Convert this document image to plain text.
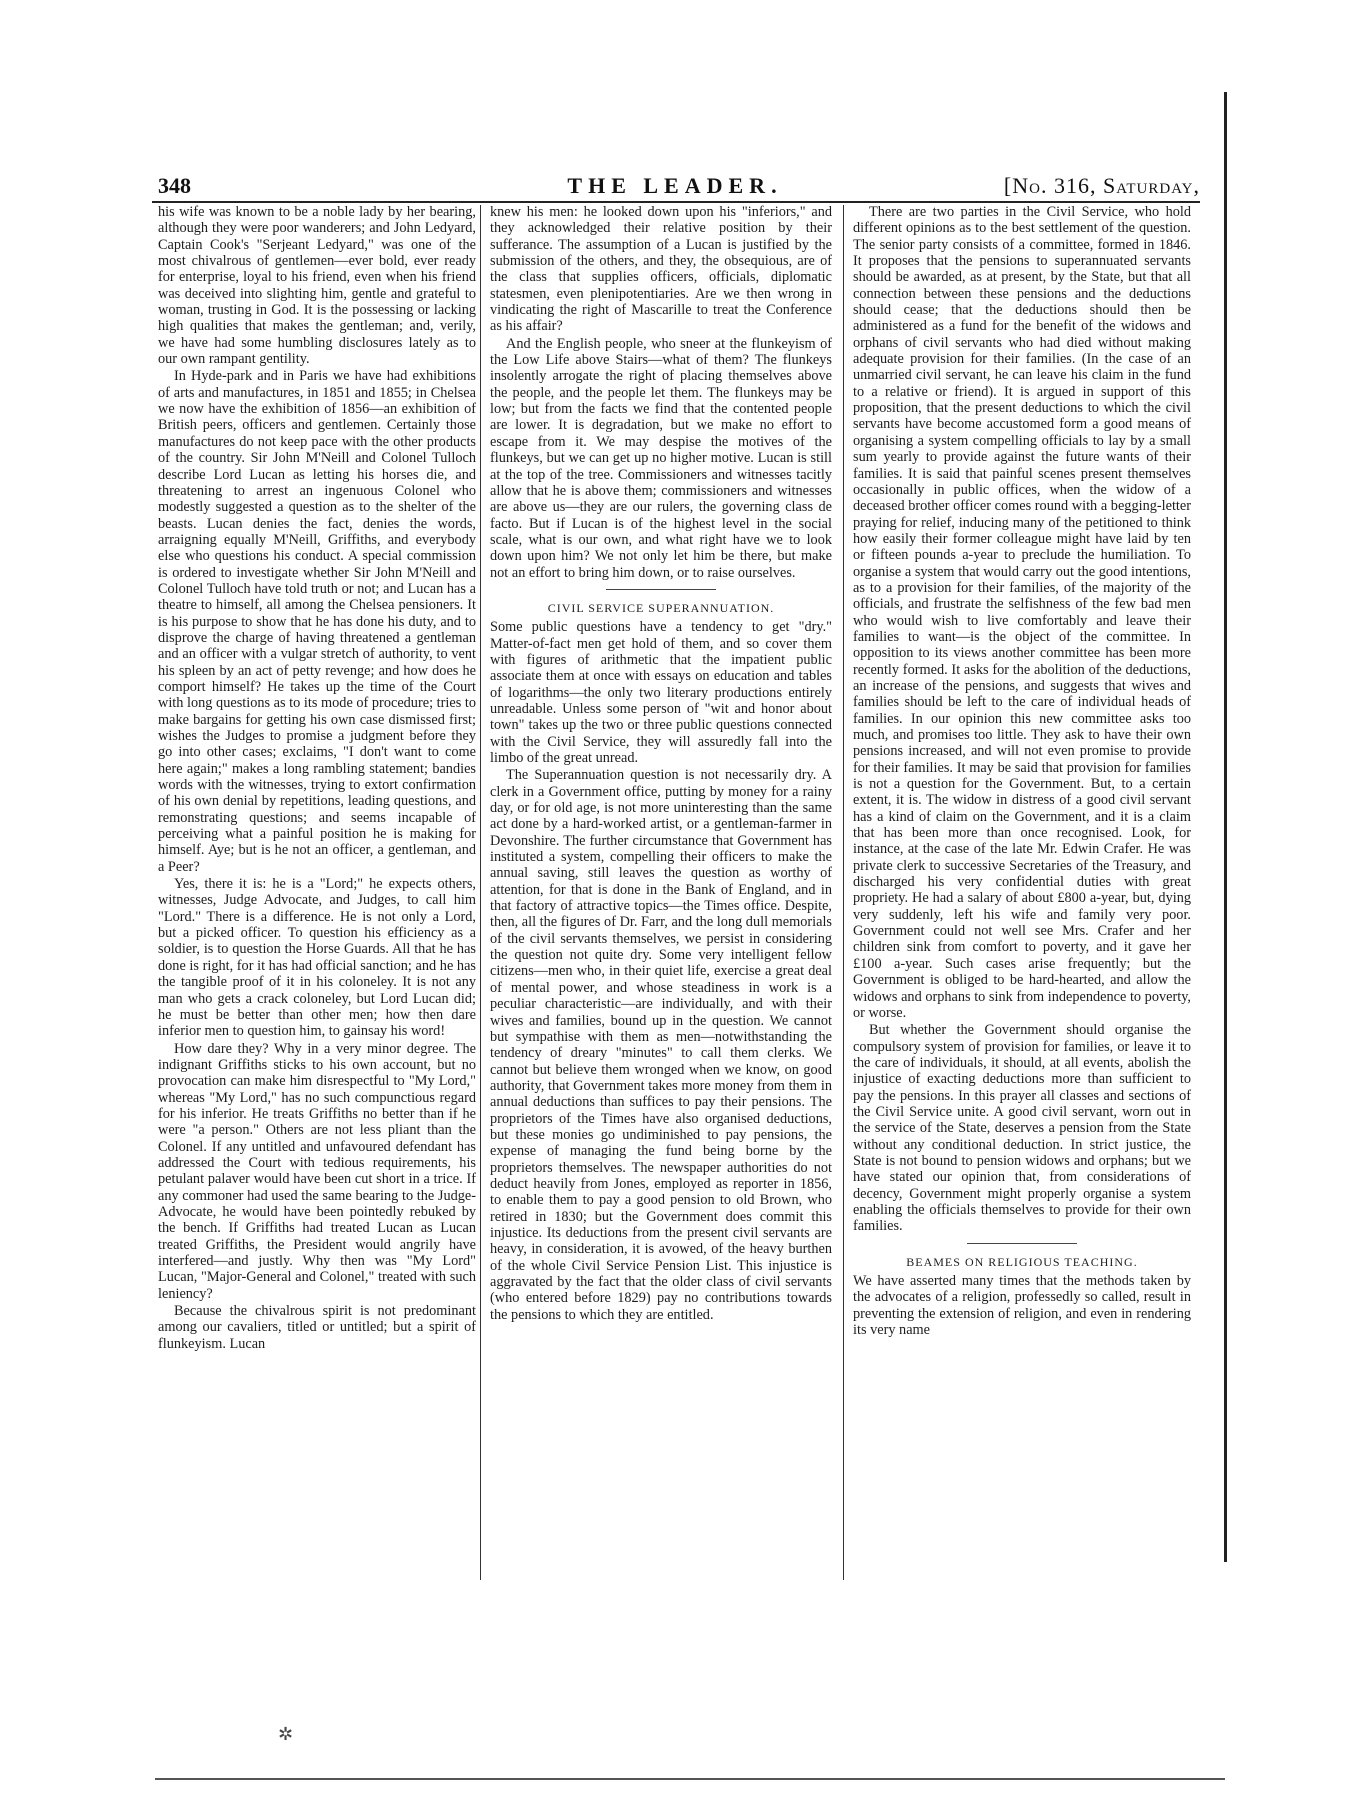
348	THE LEADER.	[No. 316, Saturday,

his wife was known to be a noble lady by her bearing, although they were poor wanderers; and John Ledyard, Captain Cook's "Serjeant Ledyard," was one of the most chivalrous of gentlemen—ever bold, ever ready for enterprise, loyal to his friend, even when his friend was deceived into slighting him, gentle and grateful to woman, trusting in God. It is the possessing or lacking high qualities that makes the gentleman; and, verily, we have had some humbling disclosures lately as to our own rampant gentility.

In Hyde-park and in Paris we have had exhibitions of arts and manufactures, in 1851 and 1855; in Chelsea we now have the exhibition of 1856—an exhibition of British peers, officers and gentlemen. Certainly those manufactures do not keep pace with the other products of the country. Sir John M'Neill and Colonel Tulloch describe Lord Lucan as letting his horses die, and threatening to arrest an ingenuous Colonel who modestly suggested a question as to the shelter of the beasts. Lucan denies the fact, denies the words, arraigning equally M'Neill, Griffiths, and everybody else who questions his conduct. A special commission is ordered to investigate whether Sir John M'Neill and Colonel Tulloch have told truth or not; and Lucan has a theatre to himself, all among the Chelsea pensioners. It is his purpose to show that he has done his duty, and to disprove the charge of having threatened a gentleman and an officer with a vulgar stretch of authority, to vent his spleen by an act of petty revenge; and how does he comport himself? He takes up the time of the Court with long questions as to its mode of procedure; tries to make bargains for getting his own case dismissed first; wishes the Judges to promise a judgment before they go into other cases; exclaims, "I don't want to come here again;" makes a long rambling statement; bandies words with the witnesses, trying to extort confirmation of his own denial by repetitions, leading questions, and remonstrating questions; and seems incapable of perceiving what a painful position he is making for himself. Aye; but is he not an officer, a gentleman, and a Peer?

Yes, there it is: he is a "Lord;" he expects others, witnesses, Judge Advocate, and Judges, to call him "Lord." There is a difference. He is not only a Lord, but a picked officer. To question his efficiency as a soldier, is to question the Horse Guards. All that he has done is right, for it has had official sanction; and he has the tangible proof of it in his coloneley. It is not any man who gets a crack coloneley, but Lord Lucan did; he must be better than other men; how then dare inferior men to question him, to gainsay his word!

How dare they? Why in a very minor degree. The indignant Griffiths sticks to his own account, but no provocation can make him disrespectful to "My Lord," whereas "My Lord," has no such compunctious regard for his inferior. He treats Griffiths no better than if he were "a person." Others are not less pliant than the Colonel. If any untitled and unfavoured defendant has addressed the Court with tedious requirements, his petulant palaver would have been cut short in a trice. If any commoner had used the same bearing to the Judge-Advocate, he would have been pointedly rebuked by the bench. If Griffiths had treated Lucan as Lucan treated Griffiths, the President would angrily have interfered—and justly. Why then was "My Lord" Lucan, "Major-General and Colonel," treated with such leniency?

Because the chivalrous spirit is not predominant among our cavaliers, titled or untitled; but a spirit of flunkeyism. Lucan

knew his men: he looked down upon his "inferiors," and they acknowledged their relative position by their sufferance. The assumption of a Lucan is justified by the submission of the others, and they, the obsequious, are of the class that supplies officers, officials, diplomatic statesmen, even plenipotentiaries. Are we then wrong in vindicating the right of Mascarille to treat the Conference as his affair?

And the English people, who sneer at the flunkeyism of the Low Life above Stairs—what of them? The flunkeys insolently arrogate the right of placing themselves above the people, and the people let them. The flunkeys may be low; but from the facts we find that the contented people are lower. It is degradation, but we make no effort to escape from it. We may despise the motives of the flunkeys, but we can get up no higher motive. Lucan is still at the top of the tree. Commissioners and witnesses tacitly allow that he is above them; commissioners and witnesses are above us—they are our rulers, the governing class de facto. But if Lucan is of the highest level in the social scale, what is our own, and what right have we to look down upon him? We not only let him be there, but make not an effort to bring him down, or to raise ourselves.

CIVIL SERVICE SUPERANNUATION.

Some public questions have a tendency to get "dry." Matter-of-fact men get hold of them, and so cover them with figures of arithmetic that the impatient public associate them at once with essays on education and tables of logarithms—the only two literary productions entirely unreadable. Unless some person of "wit and honor about town" takes up the two or three public questions connected with the Civil Service, they will assuredly fall into the limbo of the great unread.

The Superannuation question is not necessarily dry. A clerk in a Government office, putting by money for a rainy day, or for old age, is not more uninteresting than the same act done by a hard-worked artist, or a gentleman-farmer in Devonshire. The further circumstance that Government has instituted a system, compelling their officers to make the annual saving, still leaves the question as worthy of attention, for that is done in the Bank of England, and in that factory of attractive topics—the Times office. Despite, then, all the figures of Dr. Farr, and the long dull memorials of the civil servants themselves, we persist in considering the question not quite dry. Some very intelligent fellow citizens—men who, in their quiet life, exercise a great deal of mental power, and whose steadiness in work is a peculiar characteristic—are individually, and with their wives and families, bound up in the question. We cannot but sympathise with them as men—notwithstanding the tendency of dreary "minutes" to call them clerks. We cannot but believe them wronged when we know, on good authority, that Government takes more money from them in annual deductions than suffices to pay their pensions. The proprietors of the Times have also organised deductions, but these monies go undiminished to pay pensions, the expense of managing the fund being borne by the proprietors themselves. The newspaper authorities do not deduct heavily from Jones, employed as reporter in 1856, to enable them to pay a good pension to old Brown, who retired in 1830; but the Government does commit this injustice. Its deductions from the present civil servants are heavy, in consideration, it is avowed, of the heavy burthen of the whole Civil Service Pension List. This injustice is aggravated by the fact that the older class of civil servants (who entered before 1829) pay no contributions towards the pensions to which they are entitled.

There are two parties in the Civil Service, who hold different opinions as to the best settlement of the question. The senior party consists of a committee, formed in 1846. It proposes that the pensions to superannuated servants should be awarded, as at present, by the State, but that all connection between these pensions and the deductions should cease; that the deductions should then be administered as a fund for the benefit of the widows and orphans of civil servants who had died without making adequate provision for their families. (In the case of an unmarried civil servant, he can leave his claim in the fund to a relative or friend). It is argued in support of this proposition, that the present deductions to which the civil servants have become accustomed form a good means of organising a system compelling officials to lay by a small sum yearly to provide against the future wants of their families. It is said that painful scenes present themselves occasionally in public offices, when the widow of a deceased brother officer comes round with a begging-letter praying for relief, inducing many of the petitioned to think how easily their former colleague might have laid by ten or fifteen pounds a-year to preclude the humiliation. To organise a system that would carry out the good intentions, as to a provision for their families, of the majority of the officials, and frustrate the selfishness of the few bad men who would wish to live comfortably and leave their families to want—is the object of the committee. In opposition to its views another committee has been more recently formed. It asks for the abolition of the deductions, an increase of the pensions, and suggests that wives and families should be left to the care of individual heads of families. In our opinion this new committee asks too much, and promises too little. They ask to have their own pensions increased, and will not even promise to provide for their families. It may be said that provision for families is not a question for the Government. But, to a certain extent, it is. The widow in distress of a good civil servant has a kind of claim on the Government, and it is a claim that has been more than once recognised. Look, for instance, at the case of the late Mr. Edwin Crafer. He was private clerk to successive Secretaries of the Treasury, and discharged his very confidential duties with great propriety. He had a salary of about £800 a-year, but, dying very suddenly, left his wife and family very poor. Government could not well see Mrs. Crafer and her children sink from comfort to poverty, and it gave her £100 a-year. Such cases arise frequently; but the Government is obliged to be hard-hearted, and allow the widows and orphans to sink from independence to poverty, or worse.

But whether the Government should organise the compulsory system of provision for families, or leave it to the care of individuals, it should, at all events, abolish the injustice of exacting deductions more than sufficient to pay the pensions. In this prayer all classes and sections of the Civil Service unite. A good civil servant, worn out in the service of the State, deserves a pension from the State without any conditional deduction. In strict justice, the State is not bound to pension widows and orphans; but we have stated our opinion that, from considerations of decency, Government might properly organise a system enabling the officials themselves to provide for their own families.

BEAMES ON RELIGIOUS TEACHING.

We have asserted many times that the methods taken by the advocates of a religion, professedly so called, result in preventing the extension of religion, and even in rendering its very name

✲
